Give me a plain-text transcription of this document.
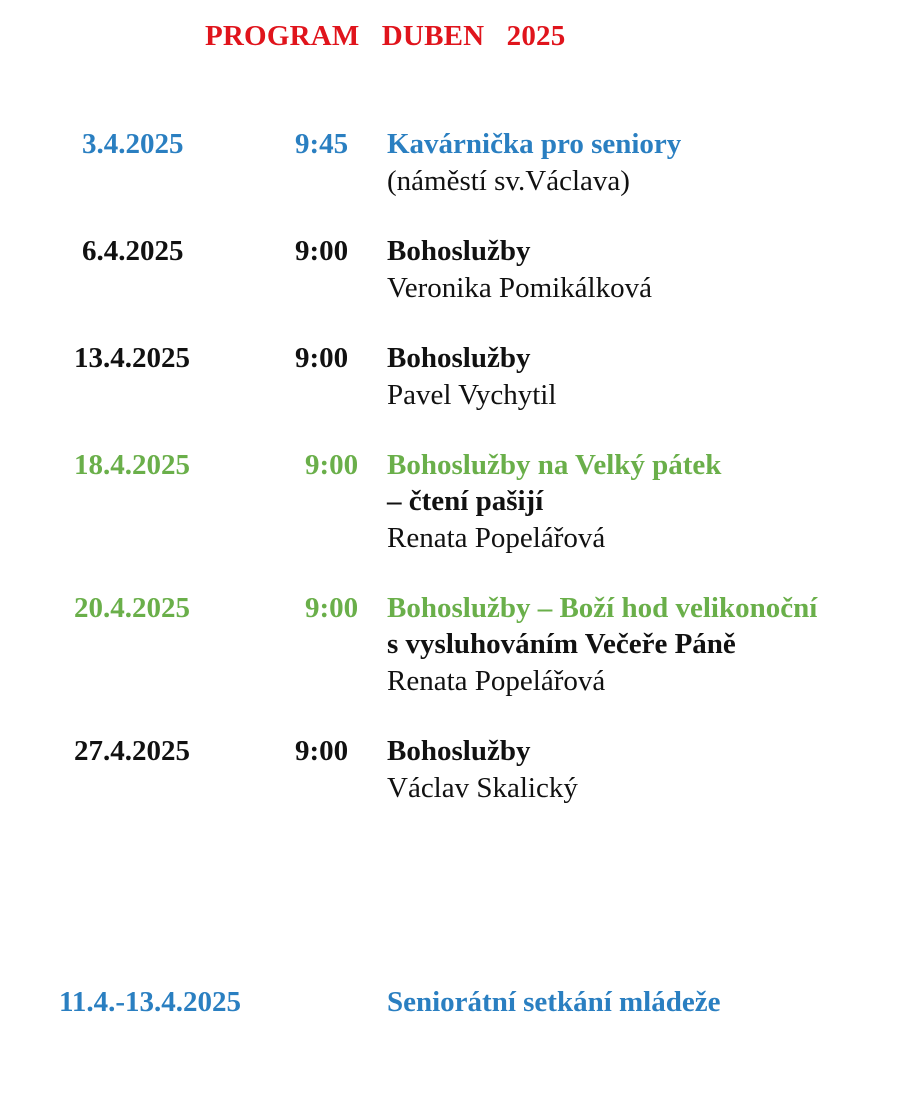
PROGRAM   DUBEN   2025
3.4.2025	9:45 Kavárnička pro seniory
(náměstí sv.Václava)
6.4.2025	9:00 Bohoslužby
Veronika Pomikálková
13.4.2025	9:00 Bohoslužby
Pavel Vychytil
18.4.2025	9:00 Bohoslužby na Velký pátek
– čtení pašijí
Renata Popelářová
20.4.2025	9:00 Bohoslužby – Boží hod velikonoční
s vysluhováním Večeře Páně
Renata Popelářová
27.4.2025	9:00 Bohoslužby
Václav Skalický
11.4.-13.4.2025	Seniorátní setkání mládeže
